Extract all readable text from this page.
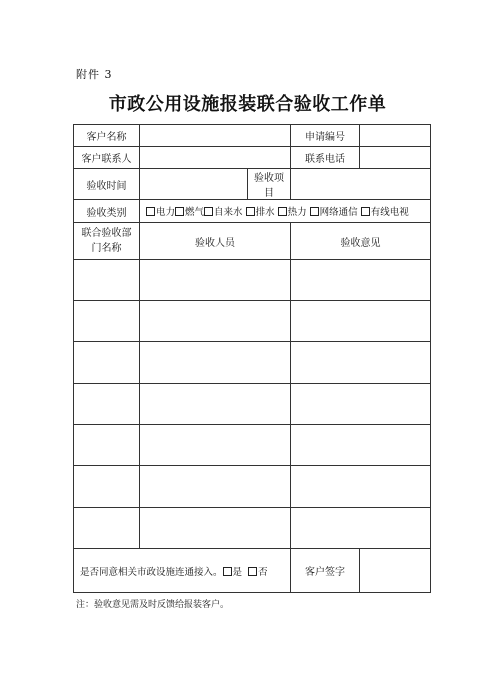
附件 3
市政公用设施报装联合验收工作单
客户名称			申请编号	
客户联系人			联系电话	
验收时间		验收项目		
验收类别	电力 燃气 自来水 排水 热力 网络通信 有线电视			
联合验收部
门名称	验收人员		验收意见	

是否同意相关市政设施连通接入。 是 否			客户签字	
注：验收意见需及时反馈给报装客户。
